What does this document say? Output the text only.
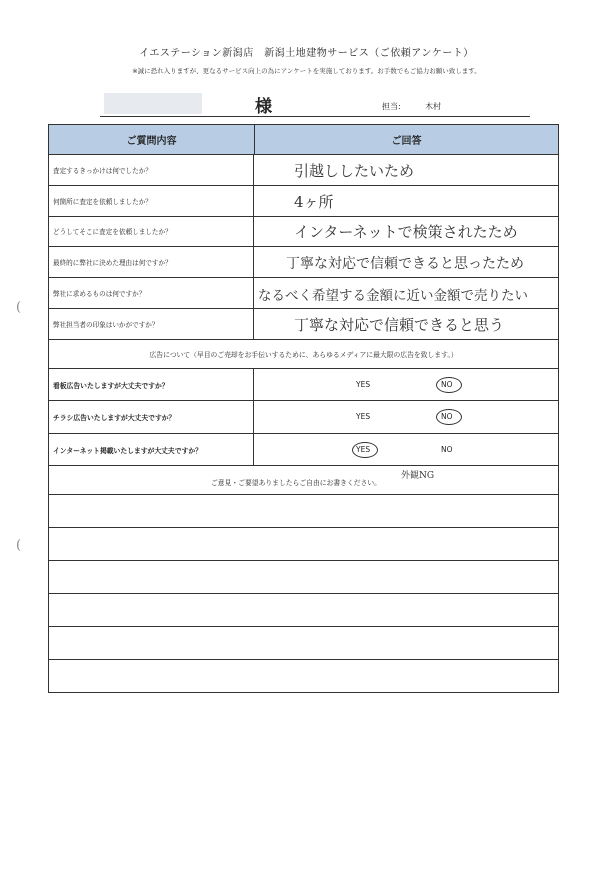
イエステーション新潟店　新潟土地建物サービス（ご依頼アンケート）
※誠に恐れ入りますが、更なるサービス向上の為にアンケートを実施しております。お手数でもご協力お願い致します。
様	担当:	木村
(
(
ご質問内容	ご回答
査定するきっかけは何でしたか？	引越ししたいため
何箇所に査定を依頼しましたか？	4ヶ所
どうしてそこに査定を依頼しましたか？	インターネットで検策されたため
最終的に弊社に決めた理由は何ですか？	丁寧な対応で信頼できると思ったため
弊社に求めるものは何ですか？	なるべく希望する金額に近い金額で売りたい
弊社担当者の印象はいかがですか？	丁寧な対応で信頼できると思う
広告について（早目のご売却をお手伝いするために、あらゆるメディアに最大限の広告を致します。）
看板広告いたしますが大丈夫ですか？	YES	NO
チラシ広告いたしますが大丈夫ですか？	YES	NO
インターネット掲載いたしますが大丈夫ですか？	YES	NO
ご意見・ご要望ありましたらご自由にお書きください。
外観NG
